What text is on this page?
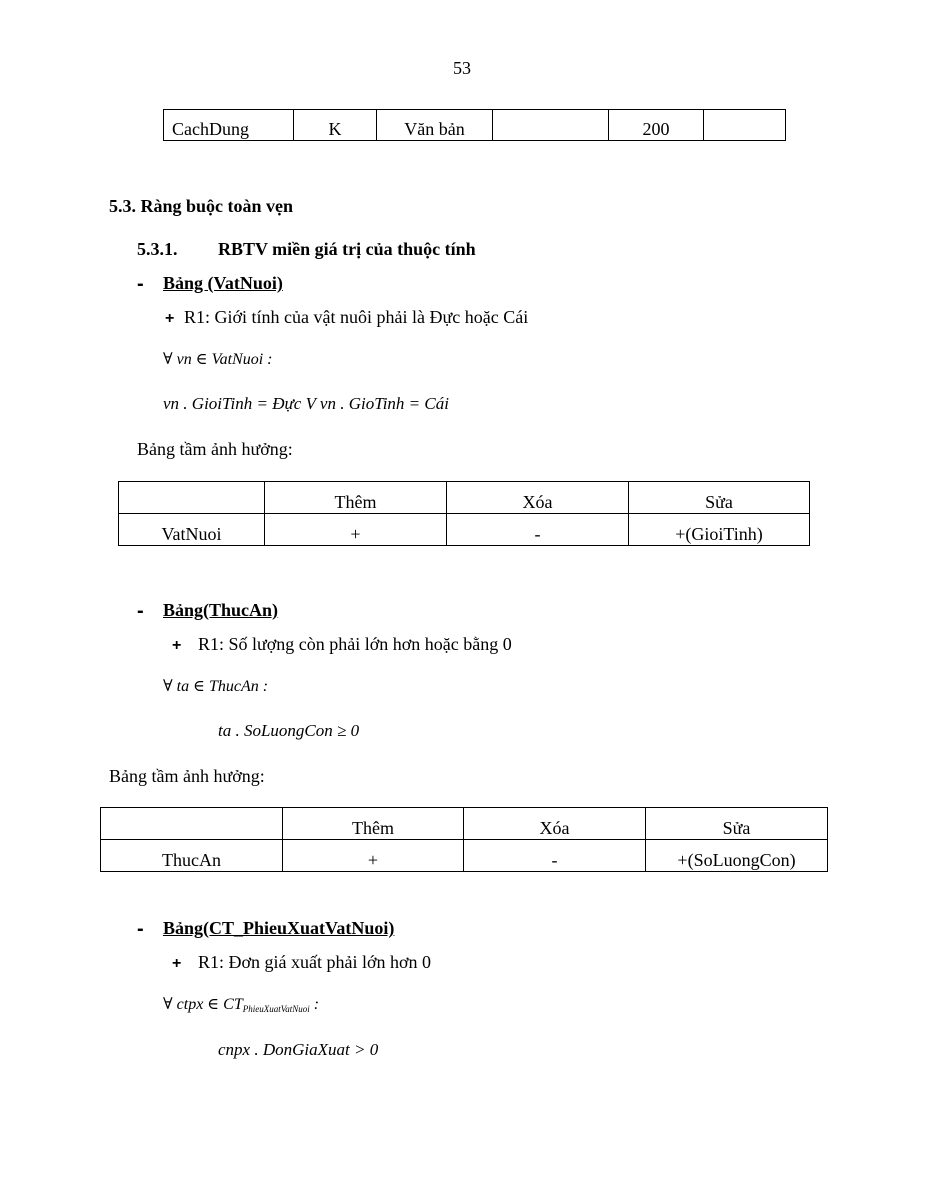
53
CachDung	K	Văn bản		200	
5.3. Ràng buộc toàn vẹn
5.3.1. RBTV miền giá trị của thuộc tính
- Bảng (VatNuoi)
+ R1: Giới tính của vật nuôi phải là Đực hoặc Cái
∀ vn ∈ VatNuoi :
vn . GioiTinh = Đực V vn . GioTinh = Cái
Bảng tầm ảnh hưởng:
	Thêm	Xóa	Sửa
VatNuoi	+	-	+(GioiTinh)
- Bảng(ThucAn)
+ R1: Số lượng còn phải lớn hơn hoặc bằng 0
∀ ta ∈ ThucAn :
ta . SoLuongCon ≥ 0
Bảng tầm ảnh hưởng:
	Thêm	Xóa	Sửa
ThucAn	+	-	+(SoLuongCon)
- Bảng(CT_PhieuXuatVatNuoi)
+ R1: Đơn giá xuất phải lớn hơn 0
∀ ctpx ∈ $CT_{PhieuXuatVatNuoi}$ :
cnpx . DonGiaXuat > 0
